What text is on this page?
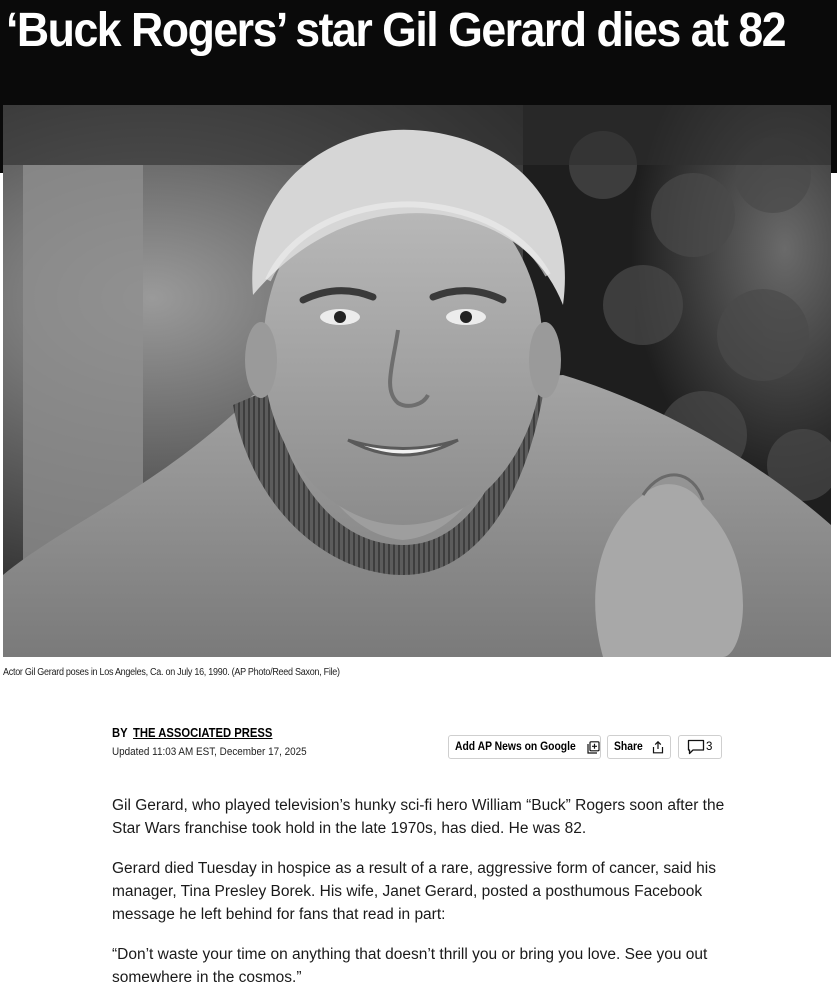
‘Buck Rogers’ star Gil Gerard dies at 82
Actor Gil Gerard poses in Los Angeles, Ca. on July 16, 1990. (AP Photo/Reed Saxon, File)
BY THE ASSOCIATED PRESS
Updated 11:03 AM EST, December 17, 2025	Add AP News on Google	Share	3

Gil Gerard, who played television’s hunky sci-fi hero William “Buck” Rogers soon after the Star Wars franchise took hold in the late 1970s, has died. He was 82.

Gerard died Tuesday in hospice as a result of a rare, aggressive form of cancer, said his manager, Tina Presley Borek. His wife, Janet Gerard, posted a posthumous Facebook message he left behind for fans that read in part:

“Don’t waste your time on anything that doesn’t thrill you or bring you love. See you out somewhere in the cosmos.”
